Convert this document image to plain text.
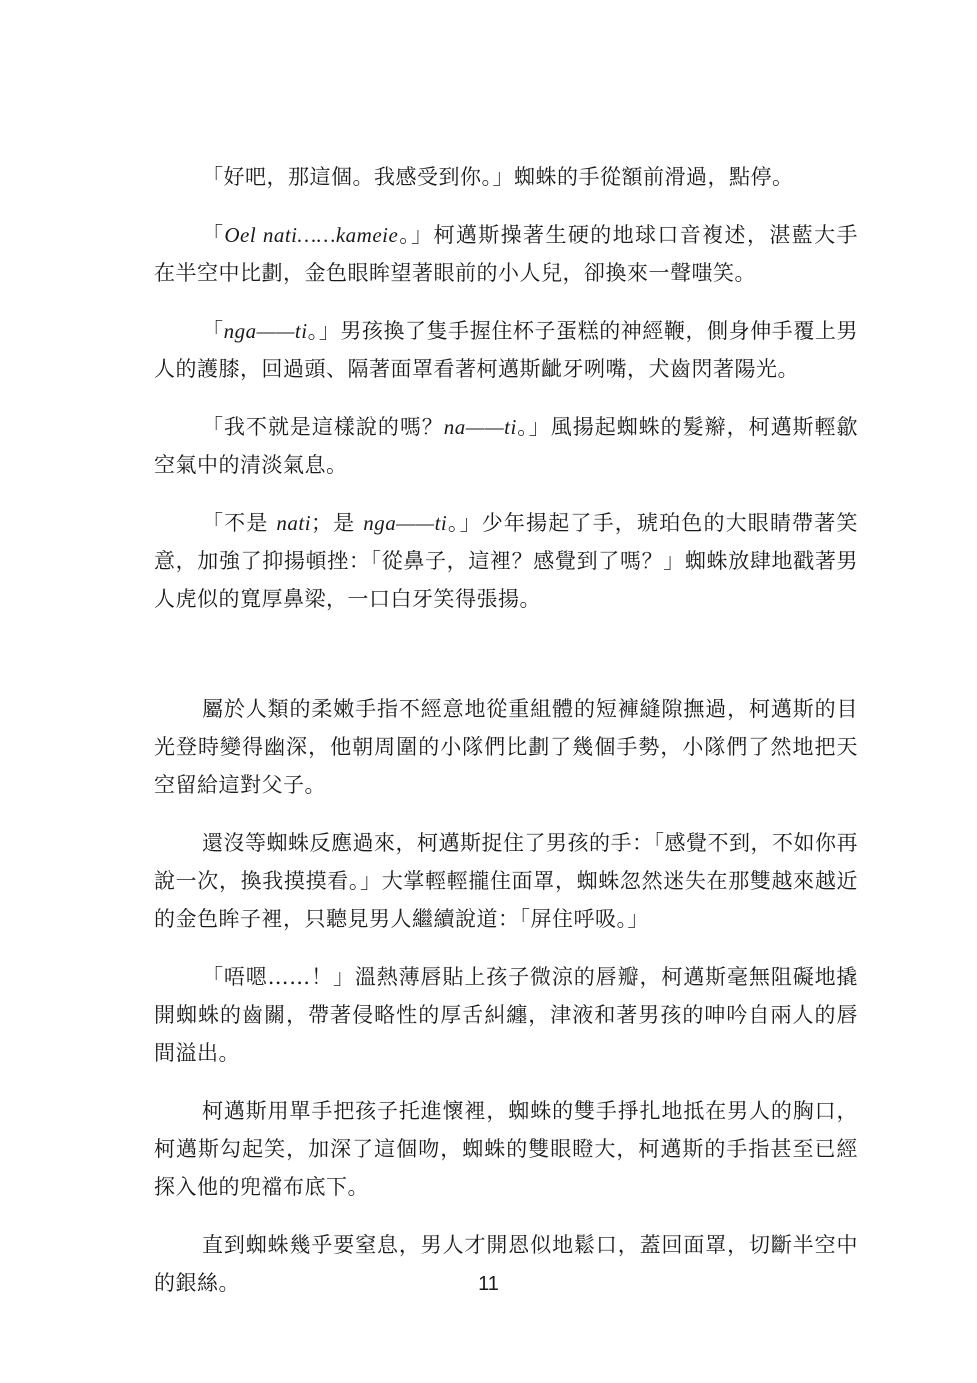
「好吧，那這個。我感受到你。」蜘蛛的手從額前滑過，點停。

「Oel nati……kameie。」柯邁斯操著生硬的地球口音複述，湛藍大手在半空中比劃，金色眼眸望著眼前的小人兒，卻換來一聲嗤笑。

「nga——ti。」男孩換了隻手握住杯子蛋糕的神經鞭，側身伸手覆上男人的護膝，回過頭、隔著面罩看著柯邁斯齜牙咧嘴，犬齒閃著陽光。

「我不就是這樣說的嗎？na——ti。」風揚起蜘蛛的髮辮，柯邁斯輕歙空氣中的清淡氣息。

「不是 nati；是 nga——ti。」少年揚起了手，琥珀色的大眼睛帶著笑意，加強了抑揚頓挫：「從鼻子，這裡？感覺到了嗎？」蜘蛛放肆地戳著男人虎似的寬厚鼻梁，一口白牙笑得張揚。

屬於人類的柔嫩手指不經意地從重組體的短褲縫隙撫過，柯邁斯的目光登時變得幽深，他朝周圍的小隊們比劃了幾個手勢，小隊們了然地把天空留給這對父子。

還沒等蜘蛛反應過來，柯邁斯捉住了男孩的手：「感覺不到，不如你再說一次，換我摸摸看。」大掌輕輕攏住面罩，蜘蛛忽然迷失在那雙越來越近的金色眸子裡，只聽見男人繼續說道：「屏住呼吸。」

「唔嗯……！」溫熱薄唇貼上孩子微涼的唇瓣，柯邁斯毫無阻礙地撬開蜘蛛的齒關，帶著侵略性的厚舌糾纏，津液和著男孩的呻吟自兩人的唇間溢出。

柯邁斯用單手把孩子托進懷裡，蜘蛛的雙手掙扎地抵在男人的胸口，柯邁斯勾起笑，加深了這個吻，蜘蛛的雙眼瞪大，柯邁斯的手指甚至已經探入他的兜襠布底下。

直到蜘蛛幾乎要窒息，男人才開恩似地鬆口，蓋回面罩，切斷半空中的銀絲。	11
